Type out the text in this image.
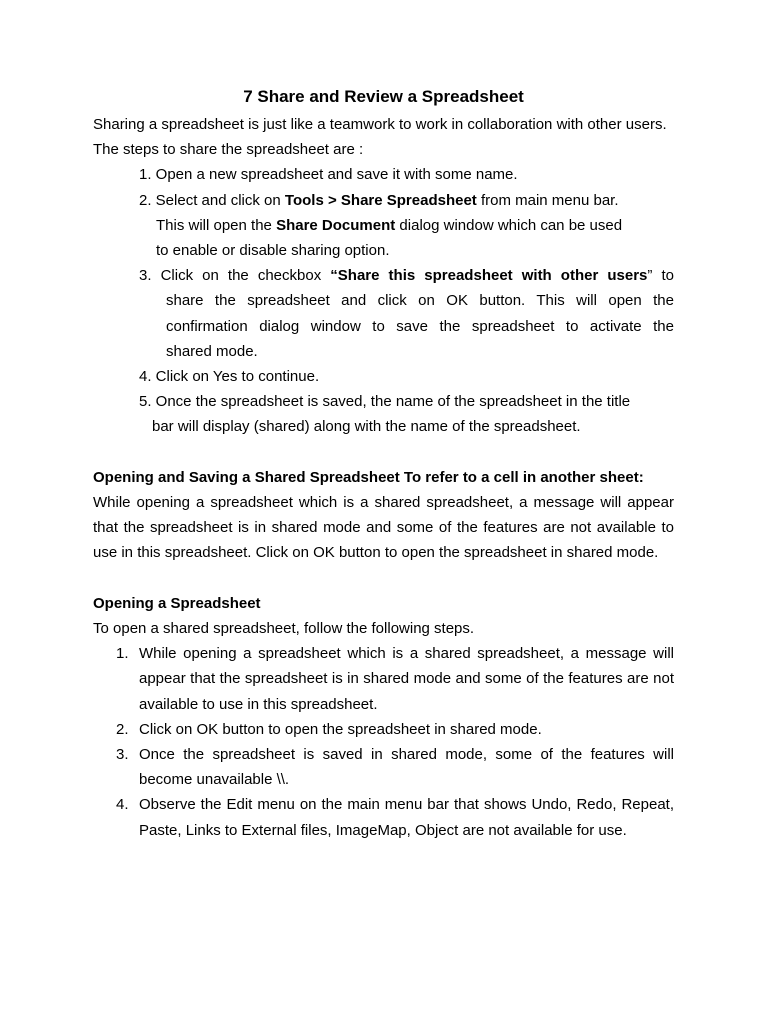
7 Share and Review a Spreadsheet

Sharing a spreadsheet is just like a teamwork to work in collaboration with other users.

The steps to share the spreadsheet are :

1. Open a new spreadsheet and save it with some name.
2. Select and click on Tools > Share Spreadsheet from main menu bar.
This will open the Share Document dialog window which can be used
to enable or disable sharing option.
3. Click on the checkbox “Share this spreadsheet with other users” to
share the spreadsheet and click on OK button. This will open the
confirmation dialog window to save the spreadsheet to activate the
shared mode.
4. Click on Yes to continue.
5. Once the spreadsheet is saved, the name of the spreadsheet in the title
bar will display (shared) along with the name of the spreadsheet.

Opening and Saving a Shared Spreadsheet To refer to a cell in another sheet:

While opening a spreadsheet which is a shared spreadsheet, a message will appear that the spreadsheet is in shared mode and some of the features are not available to use in this spreadsheet. Click on OK button to open the spreadsheet in shared mode.

Opening a Spreadsheet

To open a shared spreadsheet, follow the following steps.

1. While opening a spreadsheet which is a shared spreadsheet, a message will appear that the spreadsheet is in shared mode and some of the features are not available to use in this spreadsheet.
2. Click on OK button to open the spreadsheet in shared mode.
3. Once the spreadsheet is saved in shared mode, some of the features will become unavailable \\.
4. Observe the Edit menu on the main menu bar that shows Undo, Redo, Repeat, Paste, Links to External files, ImageMap, Object are not available for use.
